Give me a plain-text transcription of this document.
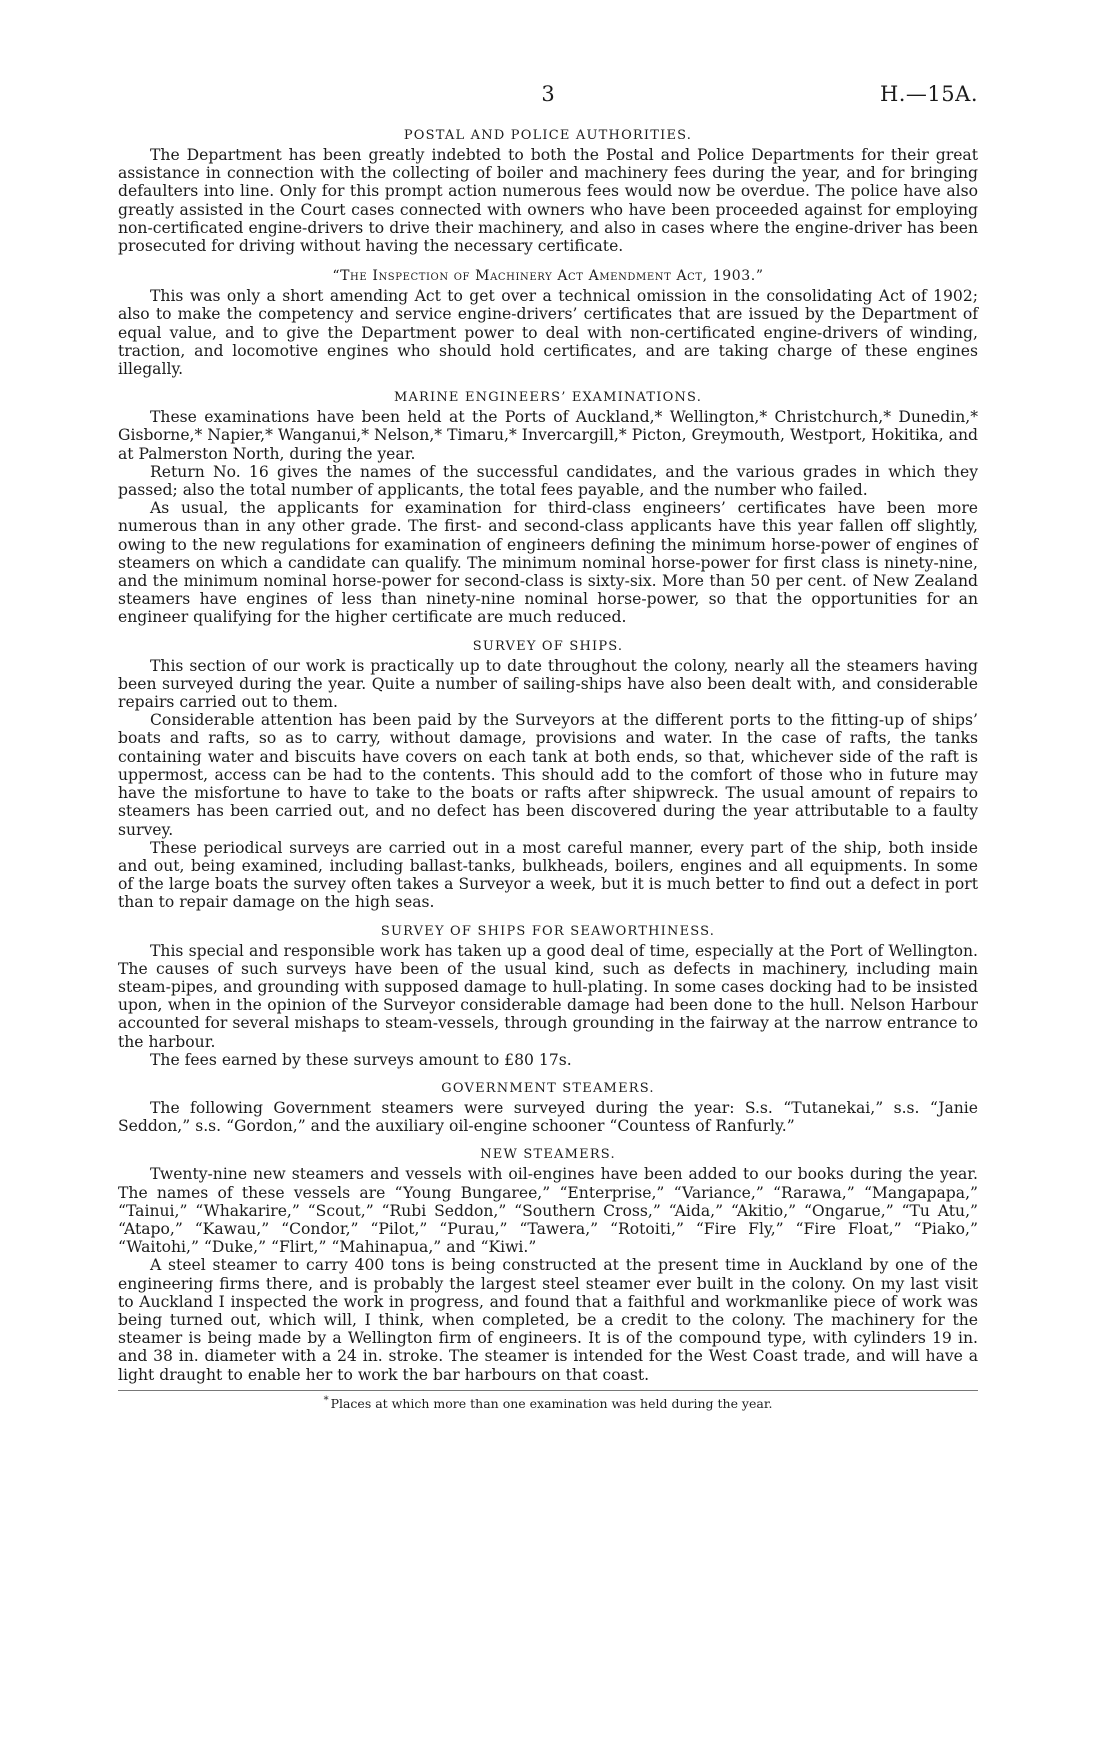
3	H.—15A.
POSTAL AND POLICE AUTHORITIES.

The Department has been greatly indebted to both the Postal and Police Departments for their great assistance in connection with the collecting of boiler and machinery fees during the year, and for bringing defaulters into line. Only for this prompt action numerous fees would now be overdue. The police have also greatly assisted in the Court cases connected with owners who have been proceeded against for employing non-certificated engine-drivers to drive their machinery, and also in cases where the engine-driver has been prosecuted for driving without having the necessary certificate.

“The Inspection of Machinery Act Amendment Act, 1903.”

This was only a short amending Act to get over a technical omission in the consolidating Act of 1902; also to make the competency and service engine-drivers’ certificates that are issued by the Department of equal value, and to give the Department power to deal with non-certificated engine-drivers of winding, traction, and locomotive engines who should hold certificates, and are taking charge of these engines illegally.

MARINE ENGINEERS’ EXAMINATIONS.

These examinations have been held at the Ports of Auckland,* Wellington,* Christchurch,* Dunedin,* Gisborne,* Napier,* Wanganui,* Nelson,* Timaru,* Invercargill,* Picton, Greymouth, Westport, Hokitika, and at Palmerston North, during the year.

Return No. 16 gives the names of the successful candidates, and the various grades in which they passed; also the total number of applicants, the total fees payable, and the number who failed.

As usual, the applicants for examination for third-class engineers’ certificates have been more numerous than in any other grade. The first- and second-class applicants have this year fallen off slightly, owing to the new regulations for examination of engineers defining the minimum horse-power of engines of steamers on which a candidate can qualify. The minimum nominal horse-power for first class is ninety-nine, and the minimum nominal horse-power for second-class is sixty-six. More than 50 per cent. of New Zealand steamers have engines of less than ninety-nine nominal horse-power, so that the opportunities for an engineer qualifying for the higher certificate are much reduced.

SURVEY OF SHIPS.

This section of our work is practically up to date throughout the colony, nearly all the steamers having been surveyed during the year. Quite a number of sailing-ships have also been dealt with, and considerable repairs carried out to them.

Considerable attention has been paid by the Surveyors at the different ports to the fitting-up of ships’ boats and rafts, so as to carry, without damage, provisions and water. In the case of rafts, the tanks containing water and biscuits have covers on each tank at both ends, so that, whichever side of the raft is uppermost, access can be had to the contents. This should add to the comfort of those who in future may have the misfortune to have to take to the boats or rafts after shipwreck. The usual amount of repairs to steamers has been carried out, and no defect has been discovered during the year attributable to a faulty survey.

These periodical surveys are carried out in a most careful manner, every part of the ship, both inside and out, being examined, including ballast-tanks, bulkheads, boilers, engines and all equipments. In some of the large boats the survey often takes a Surveyor a week, but it is much better to find out a defect in port than to repair damage on the high seas.

SURVEY OF SHIPS FOR SEAWORTHINESS.

This special and responsible work has taken up a good deal of time, especially at the Port of Wellington. The causes of such surveys have been of the usual kind, such as defects in machinery, including main steam-pipes, and grounding with supposed damage to hull-plating. In some cases docking had to be insisted upon, when in the opinion of the Surveyor considerable damage had been done to the hull. Nelson Harbour accounted for several mishaps to steam-vessels, through grounding in the fairway at the narrow entrance to the harbour.

The fees earned by these surveys amount to £80 17s.

GOVERNMENT STEAMERS.

The following Government steamers were surveyed during the year: S.s. “Tutanekai,” s.s. “Janie Seddon,” s.s. “Gordon,” and the auxiliary oil-engine schooner “Countess of Ranfurly.”

NEW STEAMERS.

Twenty-nine new steamers and vessels with oil-engines have been added to our books during the year. The names of these vessels are “Young Bungaree,” “Enterprise,” “Variance,” “Rarawa,” “Mangapapa,” “Tainui,” “Whakarire,” “Scout,” “Rubi Seddon,” “Southern Cross,” “Aida,” “Akitio,” “Ongarue,” “Tu Atu,” “Atapo,” “Kawau,” “Condor,” “Pilot,” “Purau,” “Tawera,” “Rotoiti,” “Fire Fly,” “Fire Float,” “Piako,” “Waitohi,” “Duke,” “Flirt,” “Mahinapua,” and “Kiwi.”

A steel steamer to carry 400 tons is being constructed at the present time in Auckland by one of the engineering firms there, and is probably the largest steel steamer ever built in the colony. On my last visit to Auckland I inspected the work in progress, and found that a faithful and workmanlike piece of work was being turned out, which will, I think, when completed, be a credit to the colony. The machinery for the steamer is being made by a Wellington firm of engineers. It is of the compound type, with cylinders 19 in. and 38 in. diameter with a 24 in. stroke. The steamer is intended for the West Coast trade, and will have a light draught to enable her to work the bar harbours on that coast.

* Places at which more than one examination was held during the year.
